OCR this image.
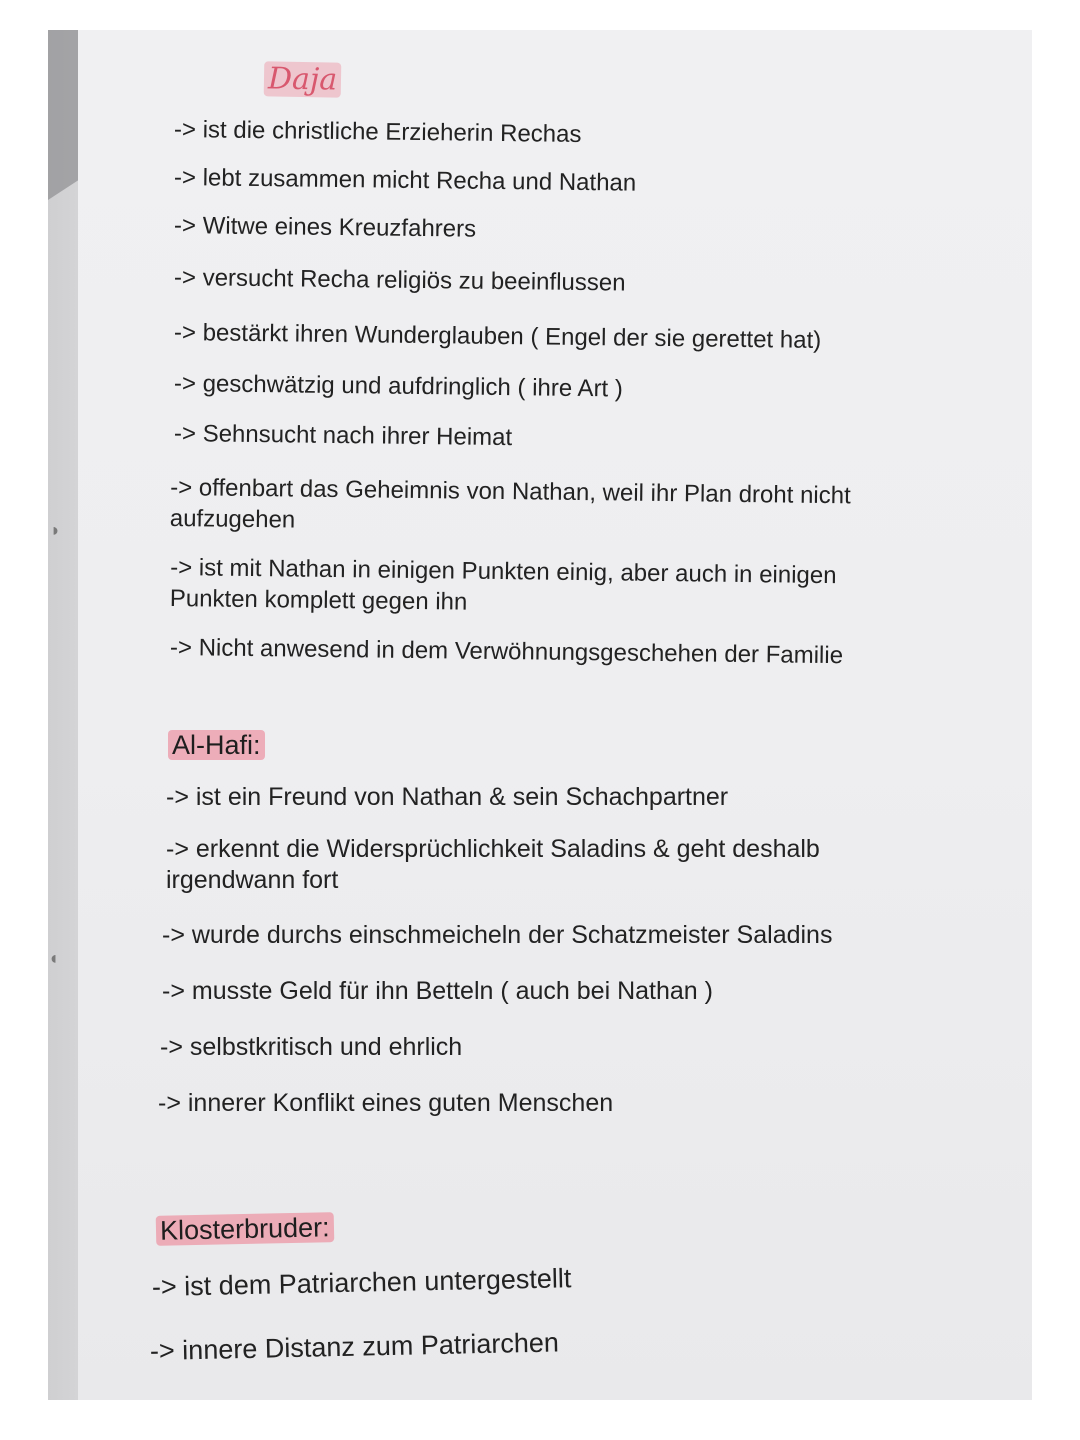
Daja
-> ist die christliche Erzieherin Rechas
-> lebt zusammen micht Recha und Nathan
-> Witwe eines Kreuzfahrers
-> versucht Recha religiös zu beeinflussen
-> bestärkt ihren Wunderglauben ( Engel der sie gerettet hat)
-> geschwätzig und aufdringlich ( ihre Art )
-> Sehnsucht nach ihrer Heimat
-> offenbart das Geheimnis von Nathan, weil ihr Plan droht nicht aufzugehen
-> ist mit Nathan in einigen Punkten einig, aber auch in einigen Punkten komplett gegen ihn
-> Nicht anwesend in dem Verwöhnungsgeschehen der Familie
Al-Hafi:
-> ist ein Freund von Nathan & sein Schachpartner
-> erkennt die Widersprüchlichkeit Saladins & geht deshalb irgendwann fort
-> wurde durchs einschmeicheln der Schatzmeister Saladins
-> musste Geld für ihn Betteln ( auch bei Nathan )
-> selbstkritisch und ehrlich
-> innerer Konflikt eines guten Menschen
Klosterbruder:
-> ist dem Patriarchen untergestellt
-> innere Distanz zum Patriarchen
◗
◖
